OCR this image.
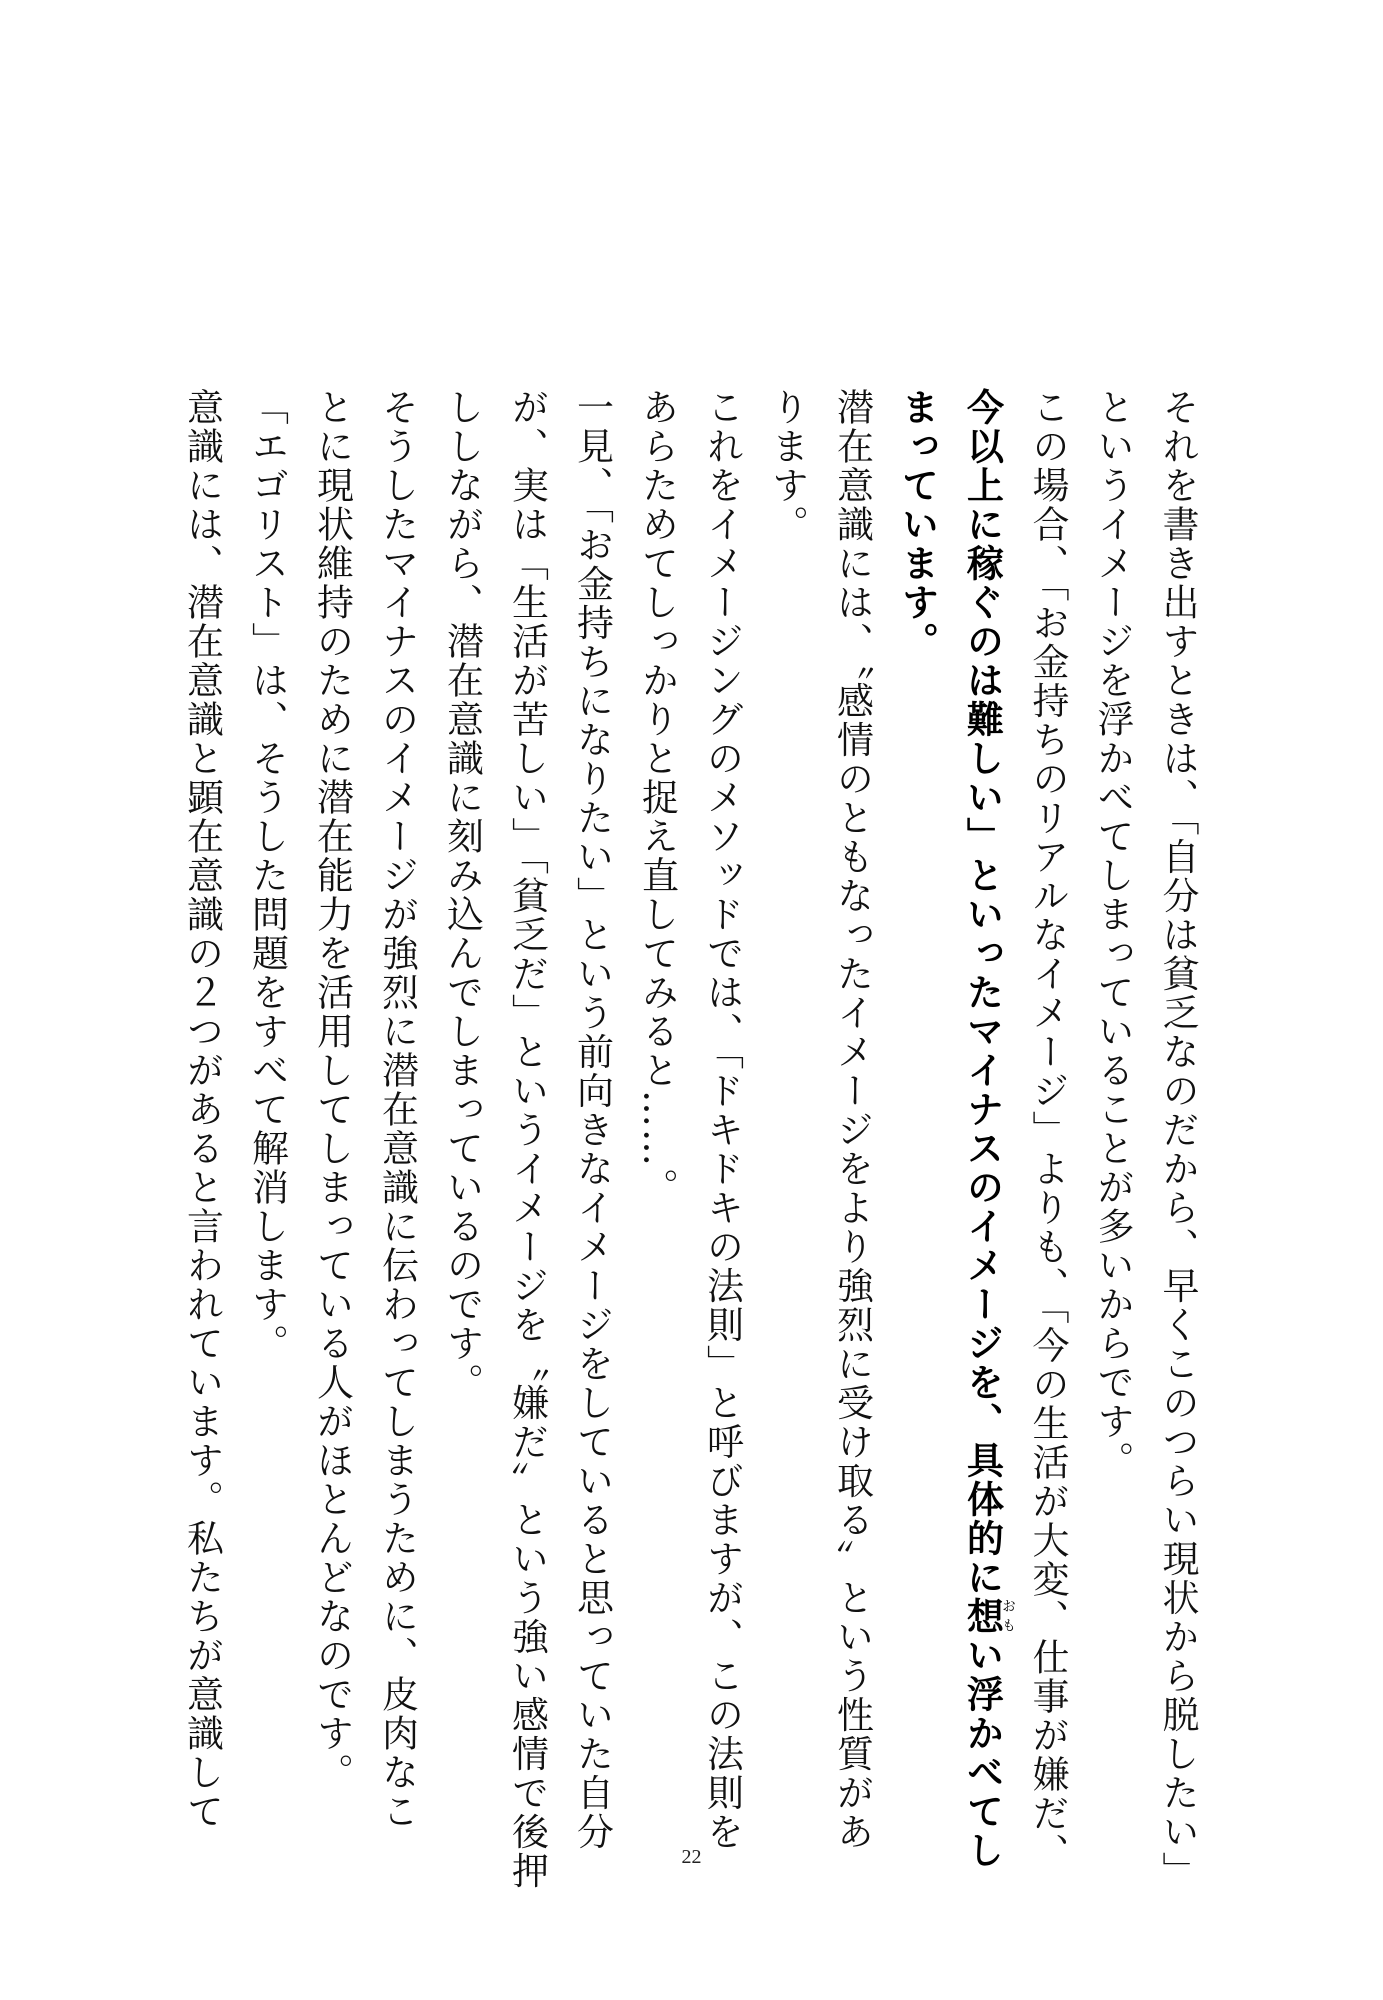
それを書き出すときは、「自分は貧乏なのだから、早くこのつらい現状から脱したい」
というイメージを浮かべてしまっていることが多いからです。
この場合、「お金持ちのリアルなイメージ」よりも、「今の生活が大変、仕事が嫌だ、
今以上に稼ぐのは難しい」といったマイナスのイメージを、具体的に想おもい浮かべてし
まっています。
潜在意識には、〝感情のともなったイメージをより強烈に受け取る〟という性質があ
ります。
これをイメージングのメソッドでは、「ドキドキの法則」と呼びますが、この法則を
あらためてしっかりと捉え直してみると……。
一見、「お金持ちになりたい」という前向きなイメージをしていると思っていた自分
が、実は「生活が苦しい」「貧乏だ」というイメージを〝嫌だ〟という強い感情で後押
ししながら、潜在意識に刻み込んでしまっているのです。
そうしたマイナスのイメージが強烈に潜在意識に伝わってしまうために、皮肉なこ
とに現状維持のために潜在能力を活用してしまっている人がほとんどなのです。
「エゴリスト」は、そうした問題をすべて解消します。
意識には、潜在意識と顕在意識の２つがあると言われています。私たちが意識して
22
